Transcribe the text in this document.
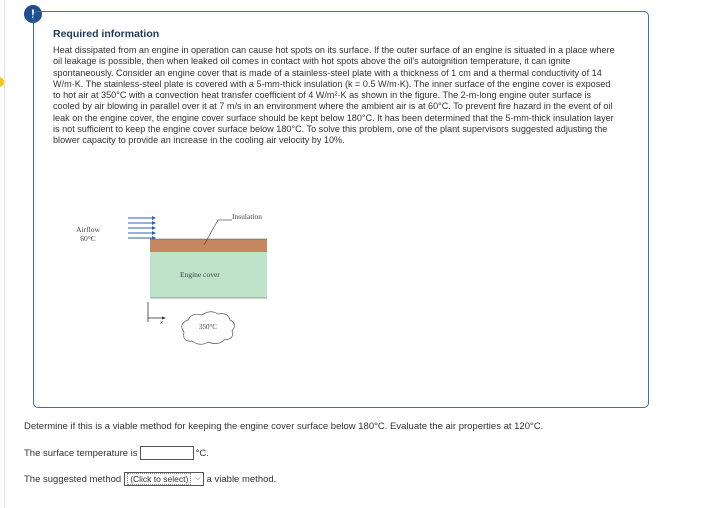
!
Required information
Heat dissipated from an engine in operation can cause hot spots on its surface. If the outer surface of an engine is situated in a place where oil leakage is possible, then when leaked oil comes in contact with hot spots above the oil's autoignition temperature, it can ignite spontaneously. Consider an engine cover that is made of a stainless-steel plate with a thickness of 1 cm and a thermal conductivity of 14 W/m·K. The stainless-steel plate is covered with a 5-mm-thick insulation (k = 0.5 W/m·K). The inner surface of the engine cover is exposed to hot air at 350°C with a convection heat transfer coefficient of 4 W/m²·K as shown in the figure. The 2-m-long engine outer surface is cooled by air blowing in parallel over it at 7 m/s in an environment where the ambient air is at 60°C. To prevent fire hazard in the event of oil leak on the engine cover, the engine cover surface should be kept below 180°C. It has been determined that the 5-mm-thick insulation layer is not sufficient to keep the engine cover surface below 180°C. To solve this problem, one of the plant supervisors suggested adjusting the blower capacity to provide an increase in the cooling air velocity by 10%.
Airflow
60°C
Insulation
Engine cover
350°C
x
Determine if this is a viable method for keeping the engine cover surface below 180°C. Evaluate the air properties at 120°C.
The surface temperature is	°C.
The suggested method	(Click to select)	⌵ a viable method.
